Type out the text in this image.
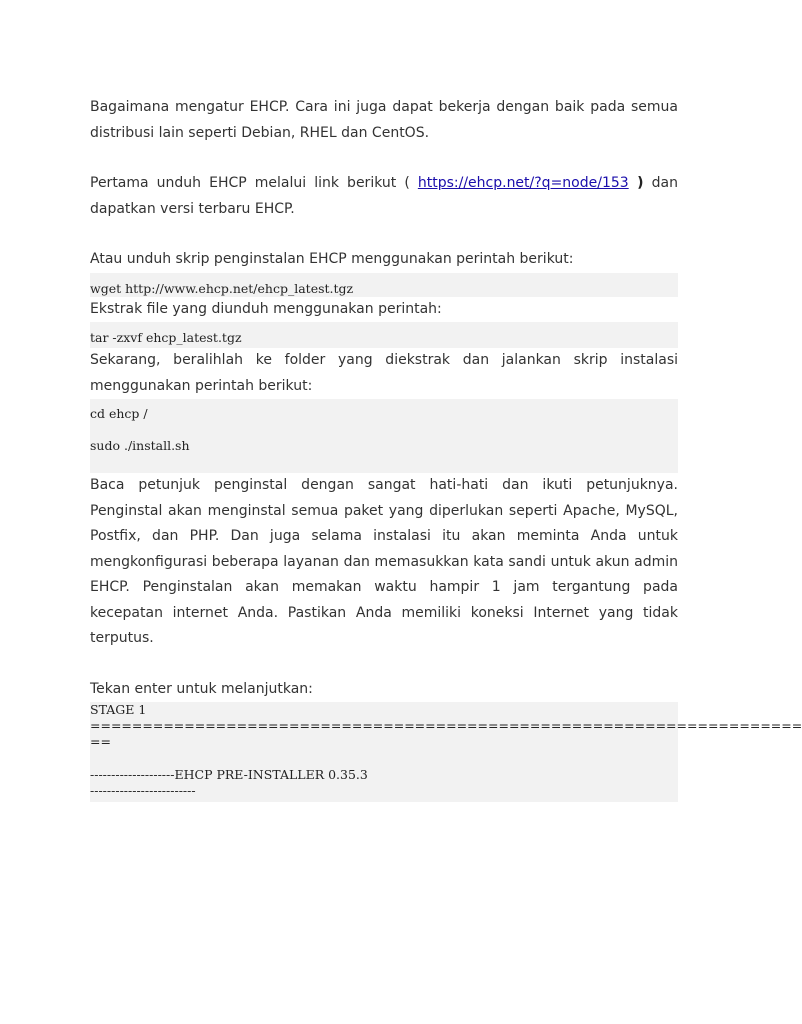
Bagaimana mengatur EHCP. Cara ini juga dapat bekerja dengan baik pada semua distribusi lain seperti Debian, RHEL dan CentOS.

Pertama unduh EHCP melalui link berikut ( https://ehcp.net/?q=node/153 ) dan dapatkan versi terbaru EHCP.

Atau unduh skrip penginstalan EHCP menggunakan perintah berikut:

wget http://www.ehcp.net/ehcp_latest.tgz

Ekstrak file yang diunduh menggunakan perintah:

tar -zxvf ehcp_latest.tgz

Sekarang, beralihlah ke folder yang diekstrak dan jalankan skrip instalasi menggunakan perintah berikut:

cd ehcp /

sudo ./install.sh

Baca petunjuk penginstal dengan sangat hati-hati dan ikuti petunjuknya. Penginstal akan menginstal semua paket yang diperlukan seperti Apache, MySQL, Postfix, dan PHP. Dan juga selama instalasi itu akan meminta Anda untuk mengkonfigurasi beberapa layanan dan memasukkan kata sandi untuk akun admin EHCP. Penginstalan akan memakan waktu hampir 1 jam tergantung pada kecepatan internet Anda. Pastikan Anda memiliki koneksi Internet yang tidak terputus.

Tekan enter untuk melanjutkan:

STAGE 1
====================================================================
==

--------------------EHCP PRE-INSTALLER 0.35.3
-------------------------
